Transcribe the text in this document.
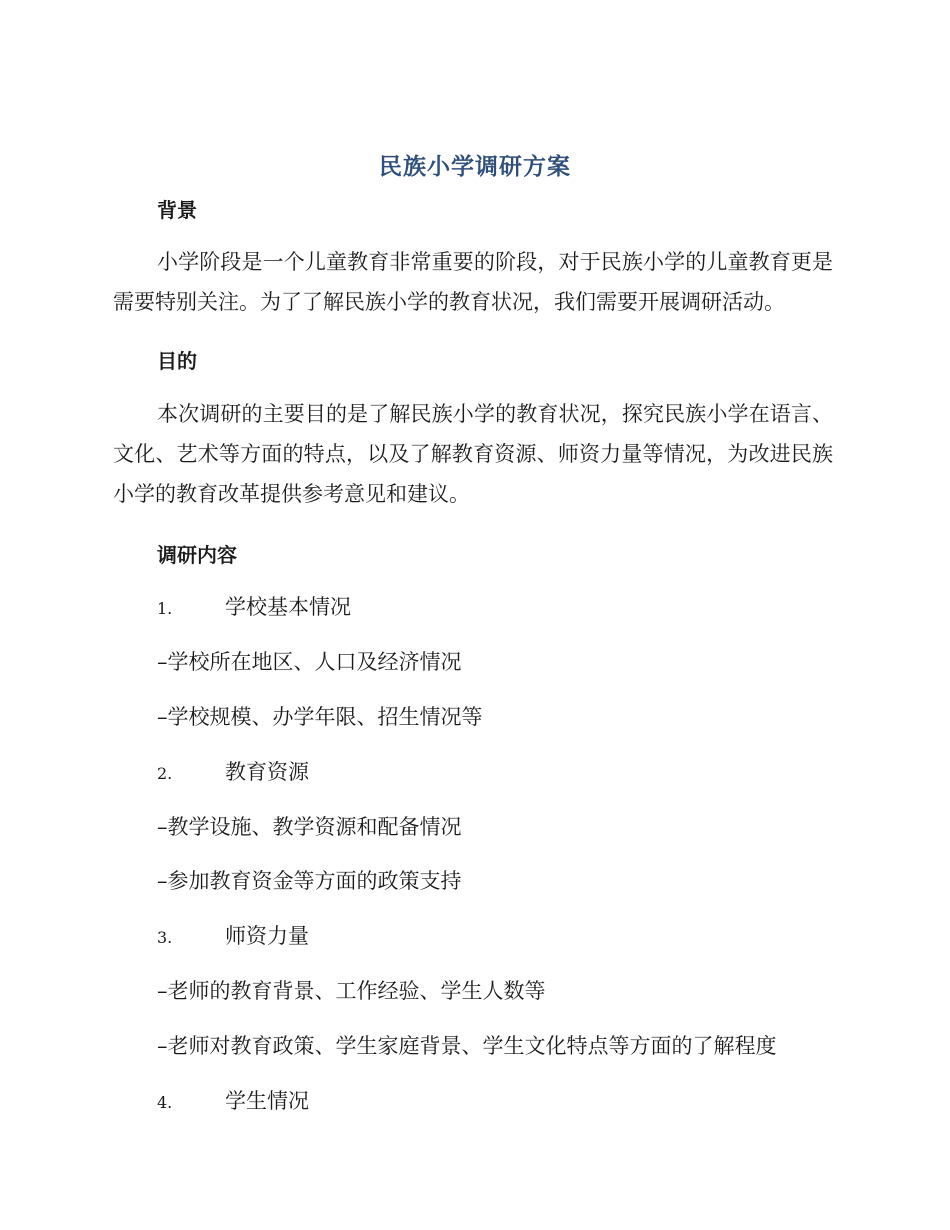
民族小学调研方案
背景
小学阶段是一个儿童教育非常重要的阶段，对于民族小学的儿童教育更是需要特别关注。为了了解民族小学的教育状况，我们需要开展调研活动。
目的
本次调研的主要目的是了解民族小学的教育状况，探究民族小学在语言、文化、艺术等方面的特点，以及了解教育资源、师资力量等情况，为改进民族小学的教育改革提供参考意见和建议。
调研内容
1.	学校基本情况
–学校所在地区、人口及经济情况
–学校规模、办学年限、招生情况等
2.	教育资源
–教学设施、教学资源和配备情况
–参加教育资金等方面的政策支持
3.	师资力量
–老师的教育背景、工作经验、学生人数等
–老师对教育政策、学生家庭背景、学生文化特点等方面的了解程度
4.	学生情况
